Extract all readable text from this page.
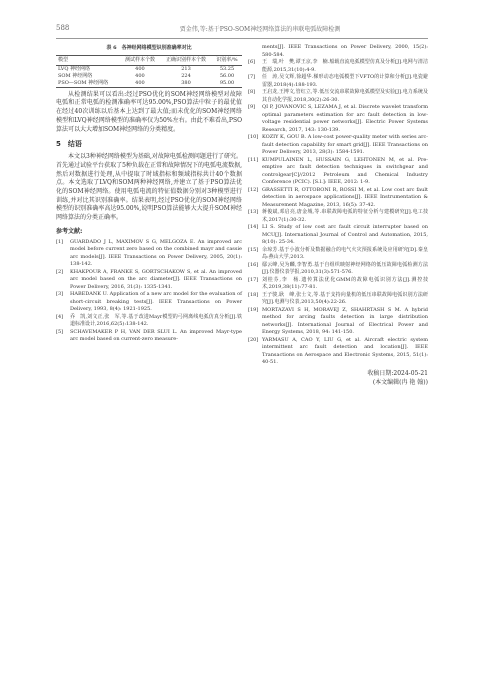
588	贾金伟,等:基于PSO-SOM神经网络算法的串联电弧故障检测
表 6　各神经网络模型识别准确率对比
模型	测试样本个数	正确识别样本个数	识别率/%
LVQ 神经网络	400	213	53.25
SOM 神经网络	400	224	56.00
PSO—SOM 神经网络	400	380	95.00

从检测结果可以看出:经过PSO优化的SOM神经网络模型对故障电弧和正常电弧的检测准确率可达95.00%,PSO算法中粒子的最优值在经过40次训练以后基本上达到了最大值;而未优化的SOM神经网络模型和LVQ神经网络模型的准确率仅为50%左右。由此不难看出,PSO算法可以大大增加SOM神经网络的分类精度。

5　结语

本文以3种神经网络模型为基础,对故障电弧检测问题进行了研究。首先通过试验平台获取了5种负载在正常和故障情况下的电弧电流数据,然后对数据进行处理,从中提取了时域指标和频域指标共计40个数据点。本文选取了LVQ和SOM两种神经网络,并建立了基于PSO算法优化的SOM神经网络。使用电弧电流的特征值数据分别对3种模型进行训练,并对比其识别准确率。结果表明,经过PSO优化的SOM神经网络模型的识别准确率高达95.00%,说明PSO算法能够大大提升SOM神经网络算法的分类正确率。

参考文献:
[1]	GUARDADO J L, MAXIMOV S G, MELGOZA E. An improved arc model before current zero based on the combined mayr and cassie arc models[J]. IEEE Transactions on Power Delivery, 2005, 20(1): 138-142.
[2]	KHAKPOUR A, FRANKE S, GORTSCHAKOW S, et al. An improved arc model based on the arc diameter[J]. IEEE Transactions on Power Delivery, 2016, 31(3): 1335-1341.
[3]	HABEDANK U. Application of a new arc model for the evaluation of short-circuit breaking tests[J]. IEEE Transactions on Power Delivery, 1993, 8(4): 1921-1925.
[4]	乔　凯,刘文正,张　军,等.基于改进Mayr模型的弓网离线电弧仿真分析[J].铁道标准设计,2016,62(5):138-142.
[5]	SCHAVEMAKER P H, VAN DER SLUI L. An improved Mayr-type arc model based on current-zero measure-
ments[J]. IEEE Transactions on Power Delivery, 2000, 15(2): 580-584.
[6]	王　瑞,叶　樊,谭王京,李　楠.船载直流电弧模型仿真及分析[J].电网与清洁能源,2015,31(10):4-9.
[7]	任　涛,吴文辉,徐超华.梯形动态电弧模型下VFTO的计算和分析[J].电瓷避雷器,2018(4):188-193.
[8]	王启龙,王博文,管红立,等.低压交流串联故障电弧模型及实验[J].电力系统及其自动化学报,2018,30(2):26-30.
[9]	QI P, JOVANOVIC S, LEZAMA J, et al. Discrete wavelet transform optimal parameters estimation for arc fault detection in low-voltage residential power networks[J]. Electric Power Systems Research, 2017, 143: 130-139.
[10] KOZIY K, GOU B. A low-cost power-quality meter with series arc-fault detection capability for smart grid[J]. IEEE Transactions on Power Delivery, 2013, 28(3): 1584-1591.
[11] KUMPULAINEN L, HUSSAIN G, LEHTONEN M, et al. Pre-emptive arc fault detection techniques in switchgear and controlgear[C]//2012 Petroleum and Chemical Industry Conference (PCIC). [S.l.]: IEEE, 2012: 1-9.
[12] GRASSETTI R, OTTOBONI R, ROSSI M, et al. Low cost arc fault detection in aerospace applications[J]. IEEE Instrumentation & Measurement Magazine, 2013, 16(5): 37-42.
[13] 蒋俊斌,邓启亮,唐金城,等.串联故障电弧的特征分析与建模研究[J].电工技术,2017(1):30-32.
[14] LI S. Study of low cost arc fault circuit interrupter based on MCU[J]. International Journal of Control and Automation, 2015, 8(10): 25-34.
[15] 余琼芳.基于小波分析及数据融合的电气火灾预报系统及应用研究[D].秦皇岛:燕山大学,2013.
[16] 鄢云峰,吴为麟,李智勇.基于自组织映射神经网络的低压故障电弧检测方法[J].仪器仪表学报,2010,31(3):571-576.
[17] 刘桂芬,李　杨.遗传算法优化GMM的故障电弧识别方法[J].测控技术,2019,38(11):77-81.
[18] 王子骏,耿　峰,张士文,等.基于支持向量机的低压串联故障电弧识别方法研究[J].电测与仪表,2013,50(4):22-26.
[19] MORTAZAVI S H, MORAVEJ Z, SHAHRTASH S M. A hybrid method for arcing faults detection in large distribution networks[J]. International Journal of Electrical Power and Energy Systems, 2018, 94: 141-150.
[20] YARMASU A, CAO Y, LIU G, et al. Aircraft electric system intermittent arc fault detection and location[J]. IEEE Transactions on Aerospace and Electronic Systems, 2015, 51(1): 40-51.
收稿日期:2024-05-21
(本文编辑(冉 艳 翰))
